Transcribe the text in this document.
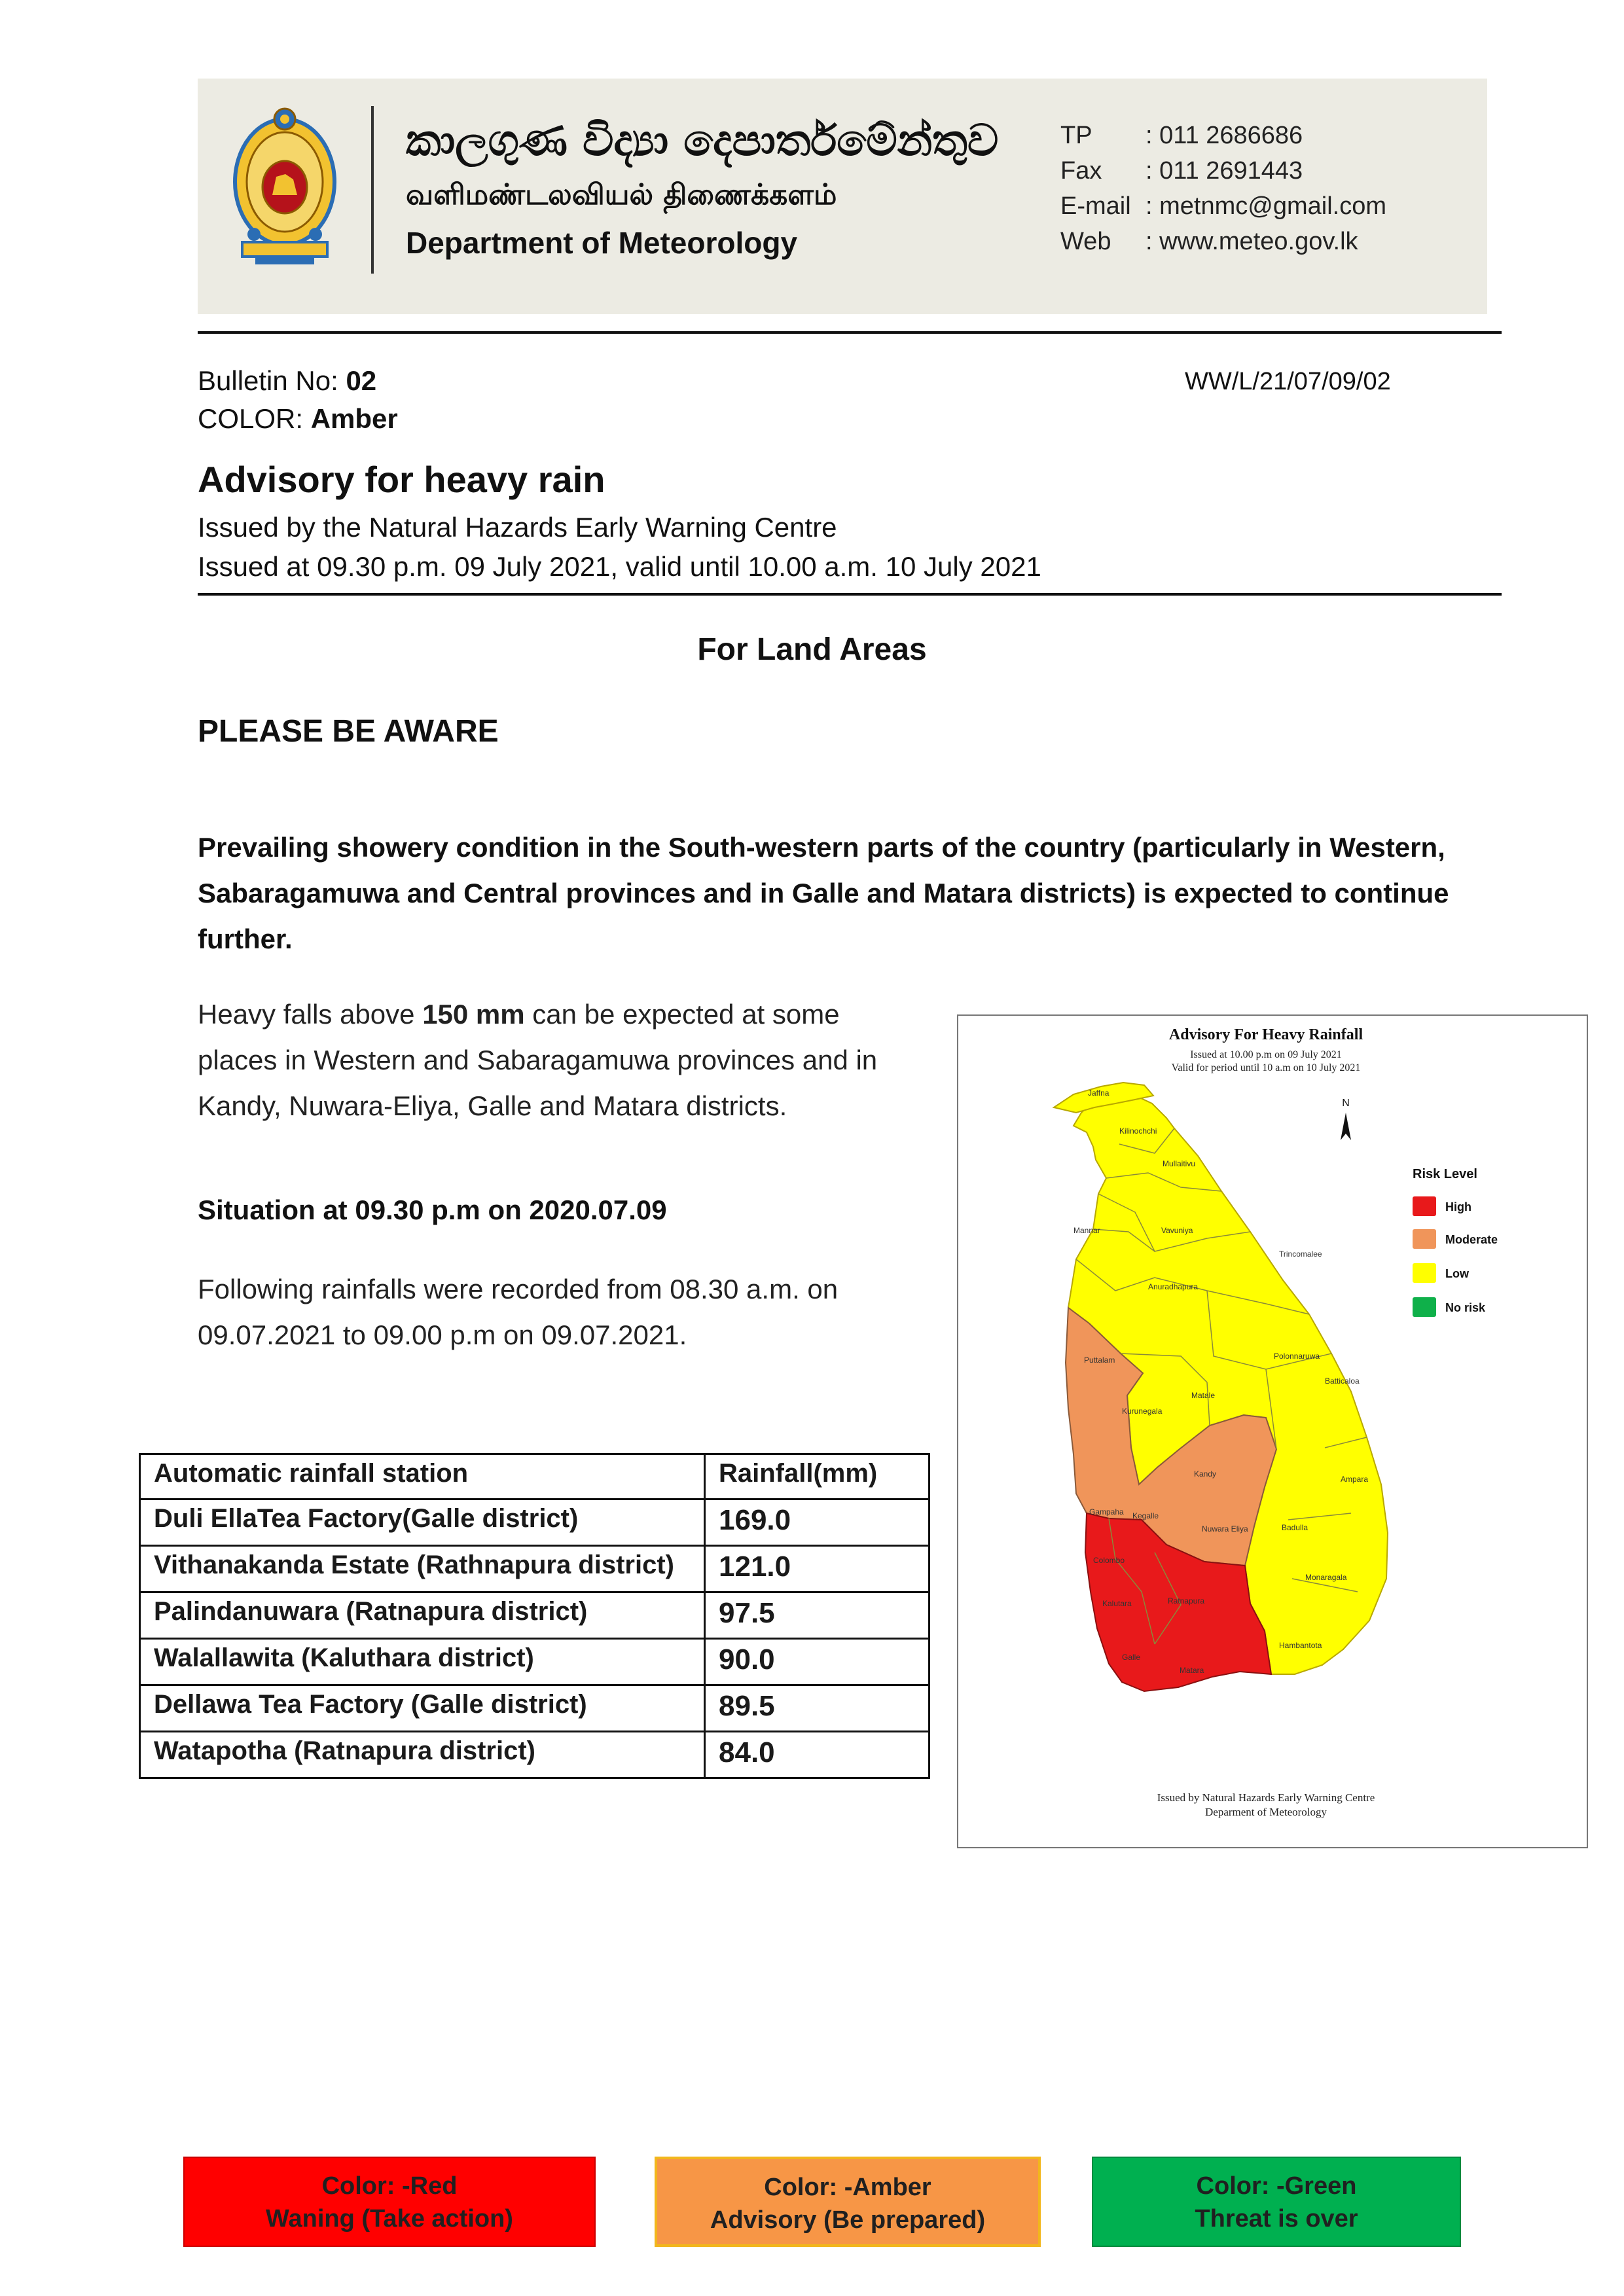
කාලගුණ විද්‍යා දෙපාර්තමේන්තුව
வளிமண்டலவியல் திணைக்களம்
Department of Meteorology
TP : 011 2686686
Fax : 011 2691443
E-mail : metnmc@gmail.com
Web : www.meteo.gov.lk
Bulletin No: 02
COLOR: Amber
WW/L/21/07/09/02
Advisory for heavy rain
Issued by the Natural Hazards Early Warning Centre
Issued at 09.30 p.m. 09 July 2021, valid until 10.00 a.m. 10 July 2021
For Land Areas
PLEASE BE AWARE
Prevailing showery condition in the South-western parts of the country (particularly in Western, Sabaragamuwa and Central provinces and in Galle and Matara districts) is expected to continue further.
Heavy falls above 150 mm can be expected at some places in Western and Sabaragamuwa provinces and in Kandy, Nuwara-Eliya, Galle and Matara districts.
Situation at 09.30 p.m on 2020.07.09
Following rainfalls were recorded from 08.30 a.m. on 09.07.2021 to 09.00 p.m on 09.07.2021.
Automatic rainfall station	Rainfall(mm)
Duli EllaTea Factory(Galle district)	169.0
Vithanakanda Estate (Rathnapura district)	121.0
Palindanuwara (Ratnapura district)	97.5
Walallawita (Kaluthara district)	90.0
Dellawa Tea Factory (Galle district)	89.5
Watapotha (Ratnapura district)	84.0
Advisory For Heavy Rainfall
Issued at 10.00 p.m on 09 July 2021
Valid for period until 10 a.m on 10 July 2021
N
Jaffna
Kilinochchi
Mannar
Mullaitivu
Vavuniya
Trincomalee
Anuradhapura
Puttalam	Polonnaruwa
Batticaloa
Kurunegala
Matale
Kandy
Ampara
Gampaha Kegalle
Nuwara Eliya	Badulla
Colombo
Monaragala
Kalutara	Ratnapura
Galle
Matara
Hambantota
Risk Level
High
Moderate
Low
No risk
Issued by Natural Hazards Early Warning Centre
Deparment of Meteorology
Color: -Red
Waning (Take action)
Color: -Amber
Advisory (Be prepared)
Color: -Green
Threat is over
